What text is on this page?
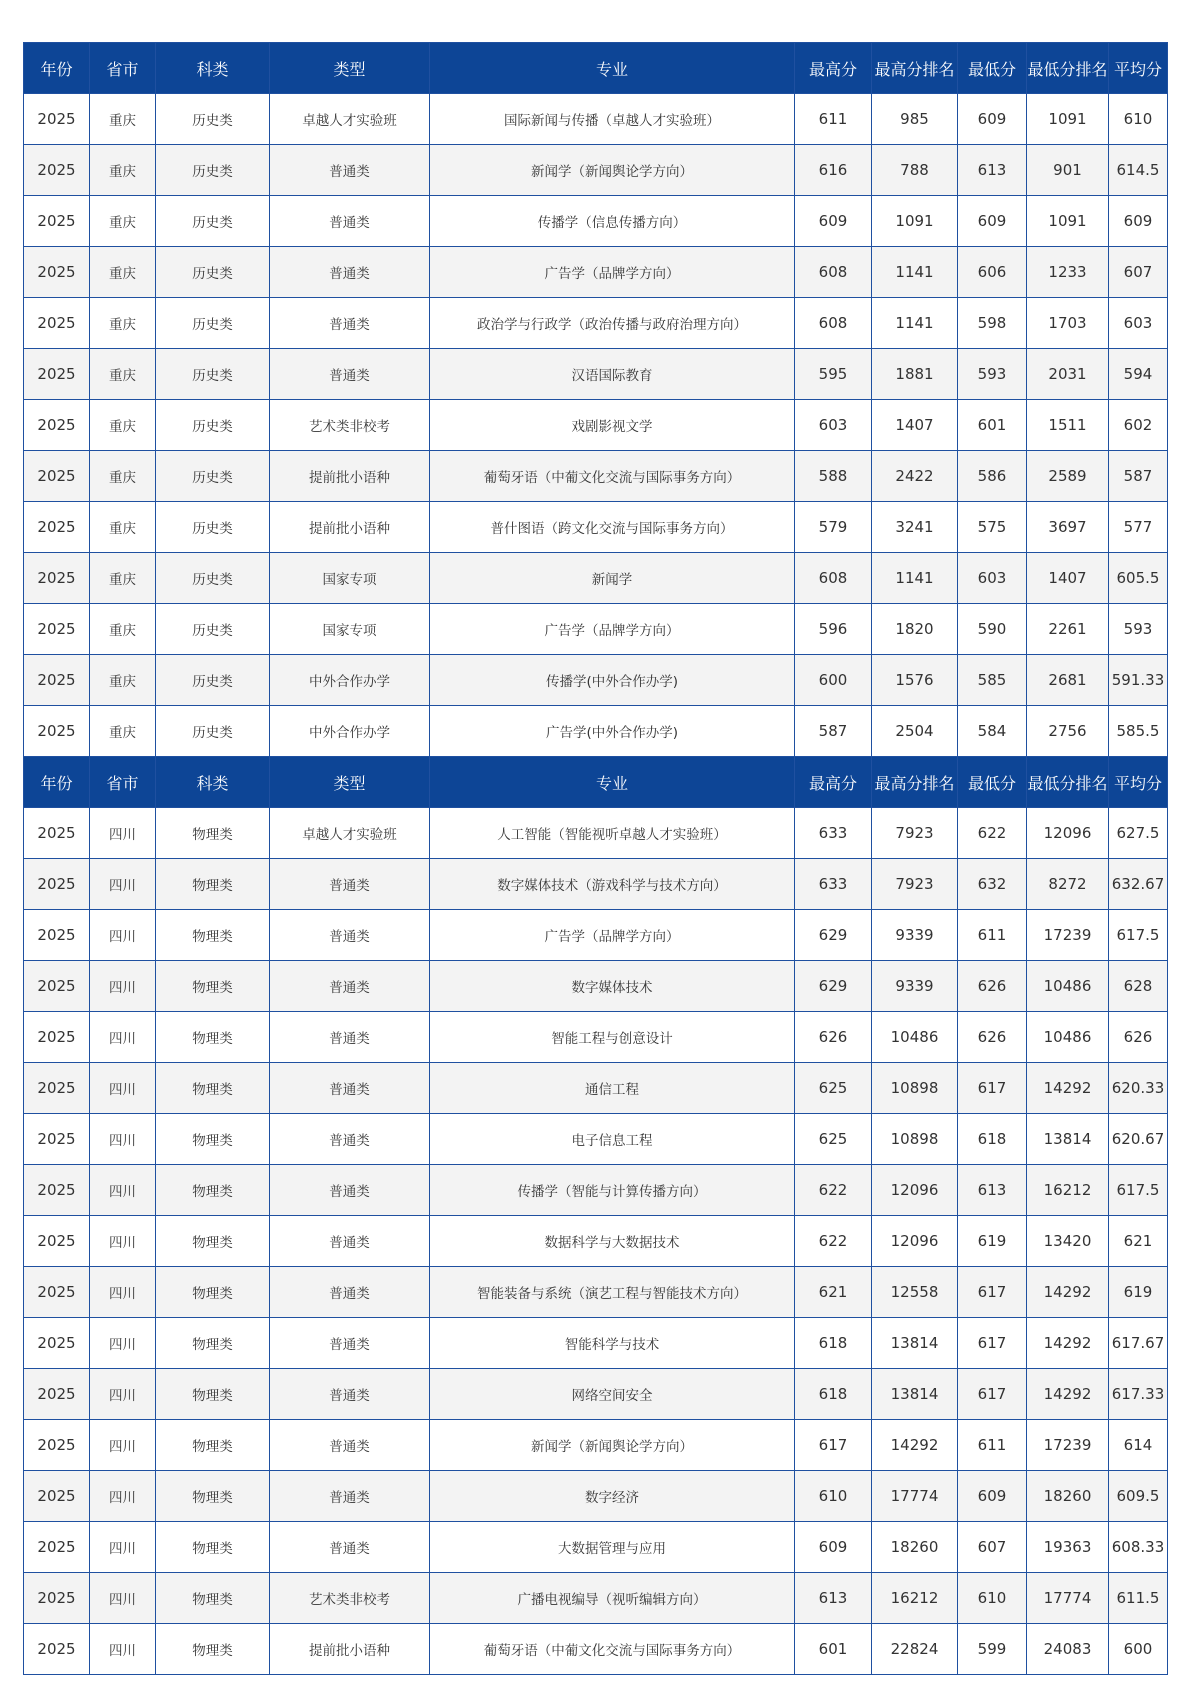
年份	省市	科类	类型	专业	最高分	最高分排名	最低分	最低分排名	平均分
2025	重庆	历史类	卓越人才实验班	国际新闻与传播（卓越人才实验班）	611	985	609	1091	610
2025	重庆	历史类	普通类	新闻学（新闻舆论学方向）	616	788	613	901	614.5
2025	重庆	历史类	普通类	传播学（信息传播方向）	609	1091	609	1091	609
2025	重庆	历史类	普通类	广告学（品牌学方向）	608	1141	606	1233	607
2025	重庆	历史类	普通类	政治学与行政学（政治传播与政府治理方向）	608	1141	598	1703	603
2025	重庆	历史类	普通类	汉语国际教育	595	1881	593	2031	594
2025	重庆	历史类	艺术类非校考	戏剧影视文学	603	1407	601	1511	602
2025	重庆	历史类	提前批小语种	葡萄牙语（中葡文化交流与国际事务方向）	588	2422	586	2589	587
2025	重庆	历史类	提前批小语种	普什图语（跨文化交流与国际事务方向）	579	3241	575	3697	577
2025	重庆	历史类	国家专项	新闻学	608	1141	603	1407	605.5
2025	重庆	历史类	国家专项	广告学（品牌学方向）	596	1820	590	2261	593
2025	重庆	历史类	中外合作办学	传播学(中外合作办学)	600	1576	585	2681	591.33
2025	重庆	历史类	中外合作办学	广告学(中外合作办学)	587	2504	584	2756	585.5
年份	省市	科类	类型	专业	最高分	最高分排名	最低分	最低分排名	平均分
2025	四川	物理类	卓越人才实验班	人工智能（智能视听卓越人才实验班）	633	7923	622	12096	627.5
2025	四川	物理类	普通类	数字媒体技术（游戏科学与技术方向）	633	7923	632	8272	632.67
2025	四川	物理类	普通类	广告学（品牌学方向）	629	9339	611	17239	617.5
2025	四川	物理类	普通类	数字媒体技术	629	9339	626	10486	628
2025	四川	物理类	普通类	智能工程与创意设计	626	10486	626	10486	626
2025	四川	物理类	普通类	通信工程	625	10898	617	14292	620.33
2025	四川	物理类	普通类	电子信息工程	625	10898	618	13814	620.67
2025	四川	物理类	普通类	传播学（智能与计算传播方向）	622	12096	613	16212	617.5
2025	四川	物理类	普通类	数据科学与大数据技术	622	12096	619	13420	621
2025	四川	物理类	普通类	智能装备与系统（演艺工程与智能技术方向）	621	12558	617	14292	619
2025	四川	物理类	普通类	智能科学与技术	618	13814	617	14292	617.67
2025	四川	物理类	普通类	网络空间安全	618	13814	617	14292	617.33
2025	四川	物理类	普通类	新闻学（新闻舆论学方向）	617	14292	611	17239	614
2025	四川	物理类	普通类	数字经济	610	17774	609	18260	609.5
2025	四川	物理类	普通类	大数据管理与应用	609	18260	607	19363	608.33
2025	四川	物理类	艺术类非校考	广播电视编导（视听编辑方向）	613	16212	610	17774	611.5
2025	四川	物理类	提前批小语种	葡萄牙语（中葡文化交流与国际事务方向）	601	22824	599	24083	600
